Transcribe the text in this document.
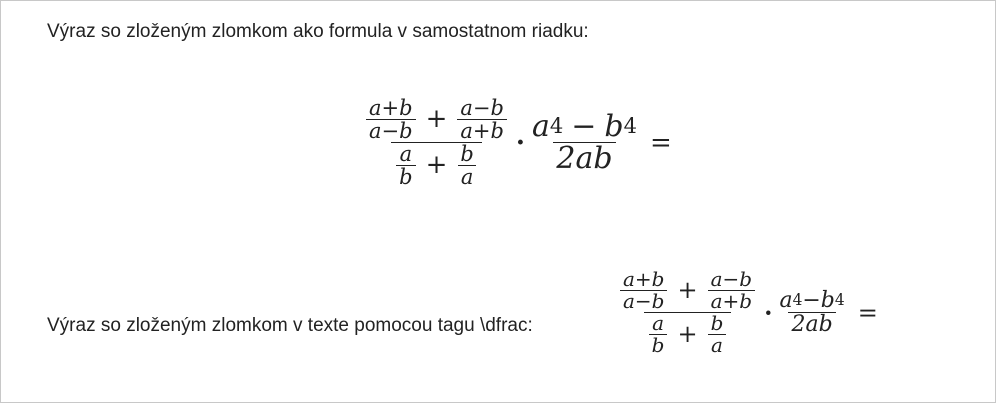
Výraz so zloženým zlomkom ako formula v samostatnom riadku:
$\frac{a+b}{a-b} + \frac{a-b}{a+b}$
$\frac{a}{b} + \frac{b}{a}$
· $\frac{a 4 - b 4}{2ab}$ =
Výraz so zloženým zlomkom v texte pomocou tagu \dfrac:
$\frac{a+b}{a-b} + \frac{a-b}{a+b}$
$\frac{a}{b} + \frac{b}{a}$
· $\frac{a 4 - b 4}{2ab}$ =
